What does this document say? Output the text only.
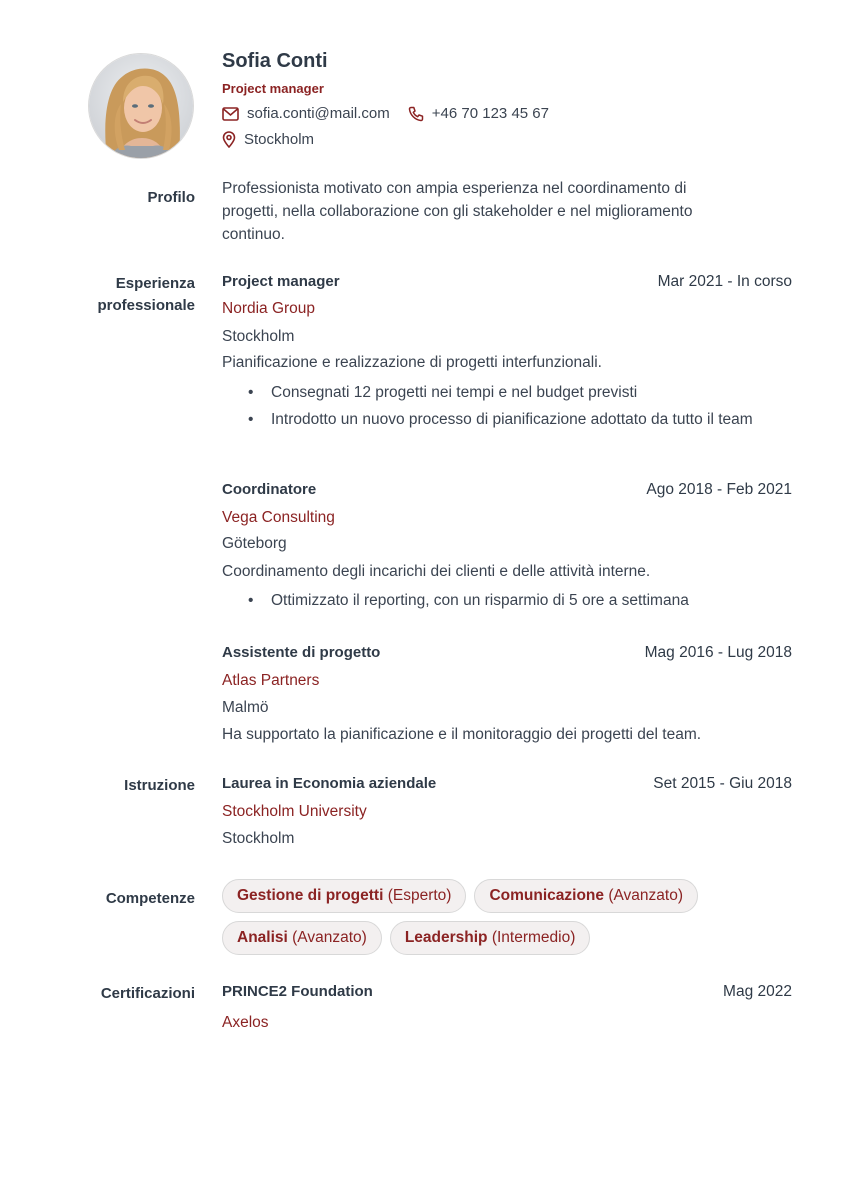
Sofia Conti
Project manager
sofia.conti@mail.com	+46 70 123 45 67
Stockholm
Profilo
Professionista motivato con ampia esperienza nel coordinamento di
progetti, nella collaborazione con gli stakeholder e nel miglioramento
continuo.
Esperienza
professionale
Project manager	Mar 2021 - In corso
Nordia Group
Stockholm
Pianificazione e realizzazione di progetti interfunzionali.
• Consegnati 12 progetti nei tempi e nel budget previsti
• Introdotto un nuovo processo di pianificazione adottato da tutto il team
Coordinatore	Ago 2018 - Feb 2021
Vega Consulting
Göteborg
Coordinamento degli incarichi dei clienti e delle attività interne.
• Ottimizzato il reporting, con un risparmio di 5 ore a settimana
Assistente di progetto	Mag 2016 - Lug 2018
Atlas Partners
Malmö
Ha supportato la pianificazione e il monitoraggio dei progetti del team.
Istruzione Laurea in Economia aziendale	Set 2015 - Giu 2018
Stockholm University
Stockholm
Competenze	Gestione di progetti (Esperto) Comunicazione (Avanzato)
Analisi (Avanzato) Leadership (Intermedio)
Certificazioni PRINCE2 Foundation	Mag 2022
Axelos
